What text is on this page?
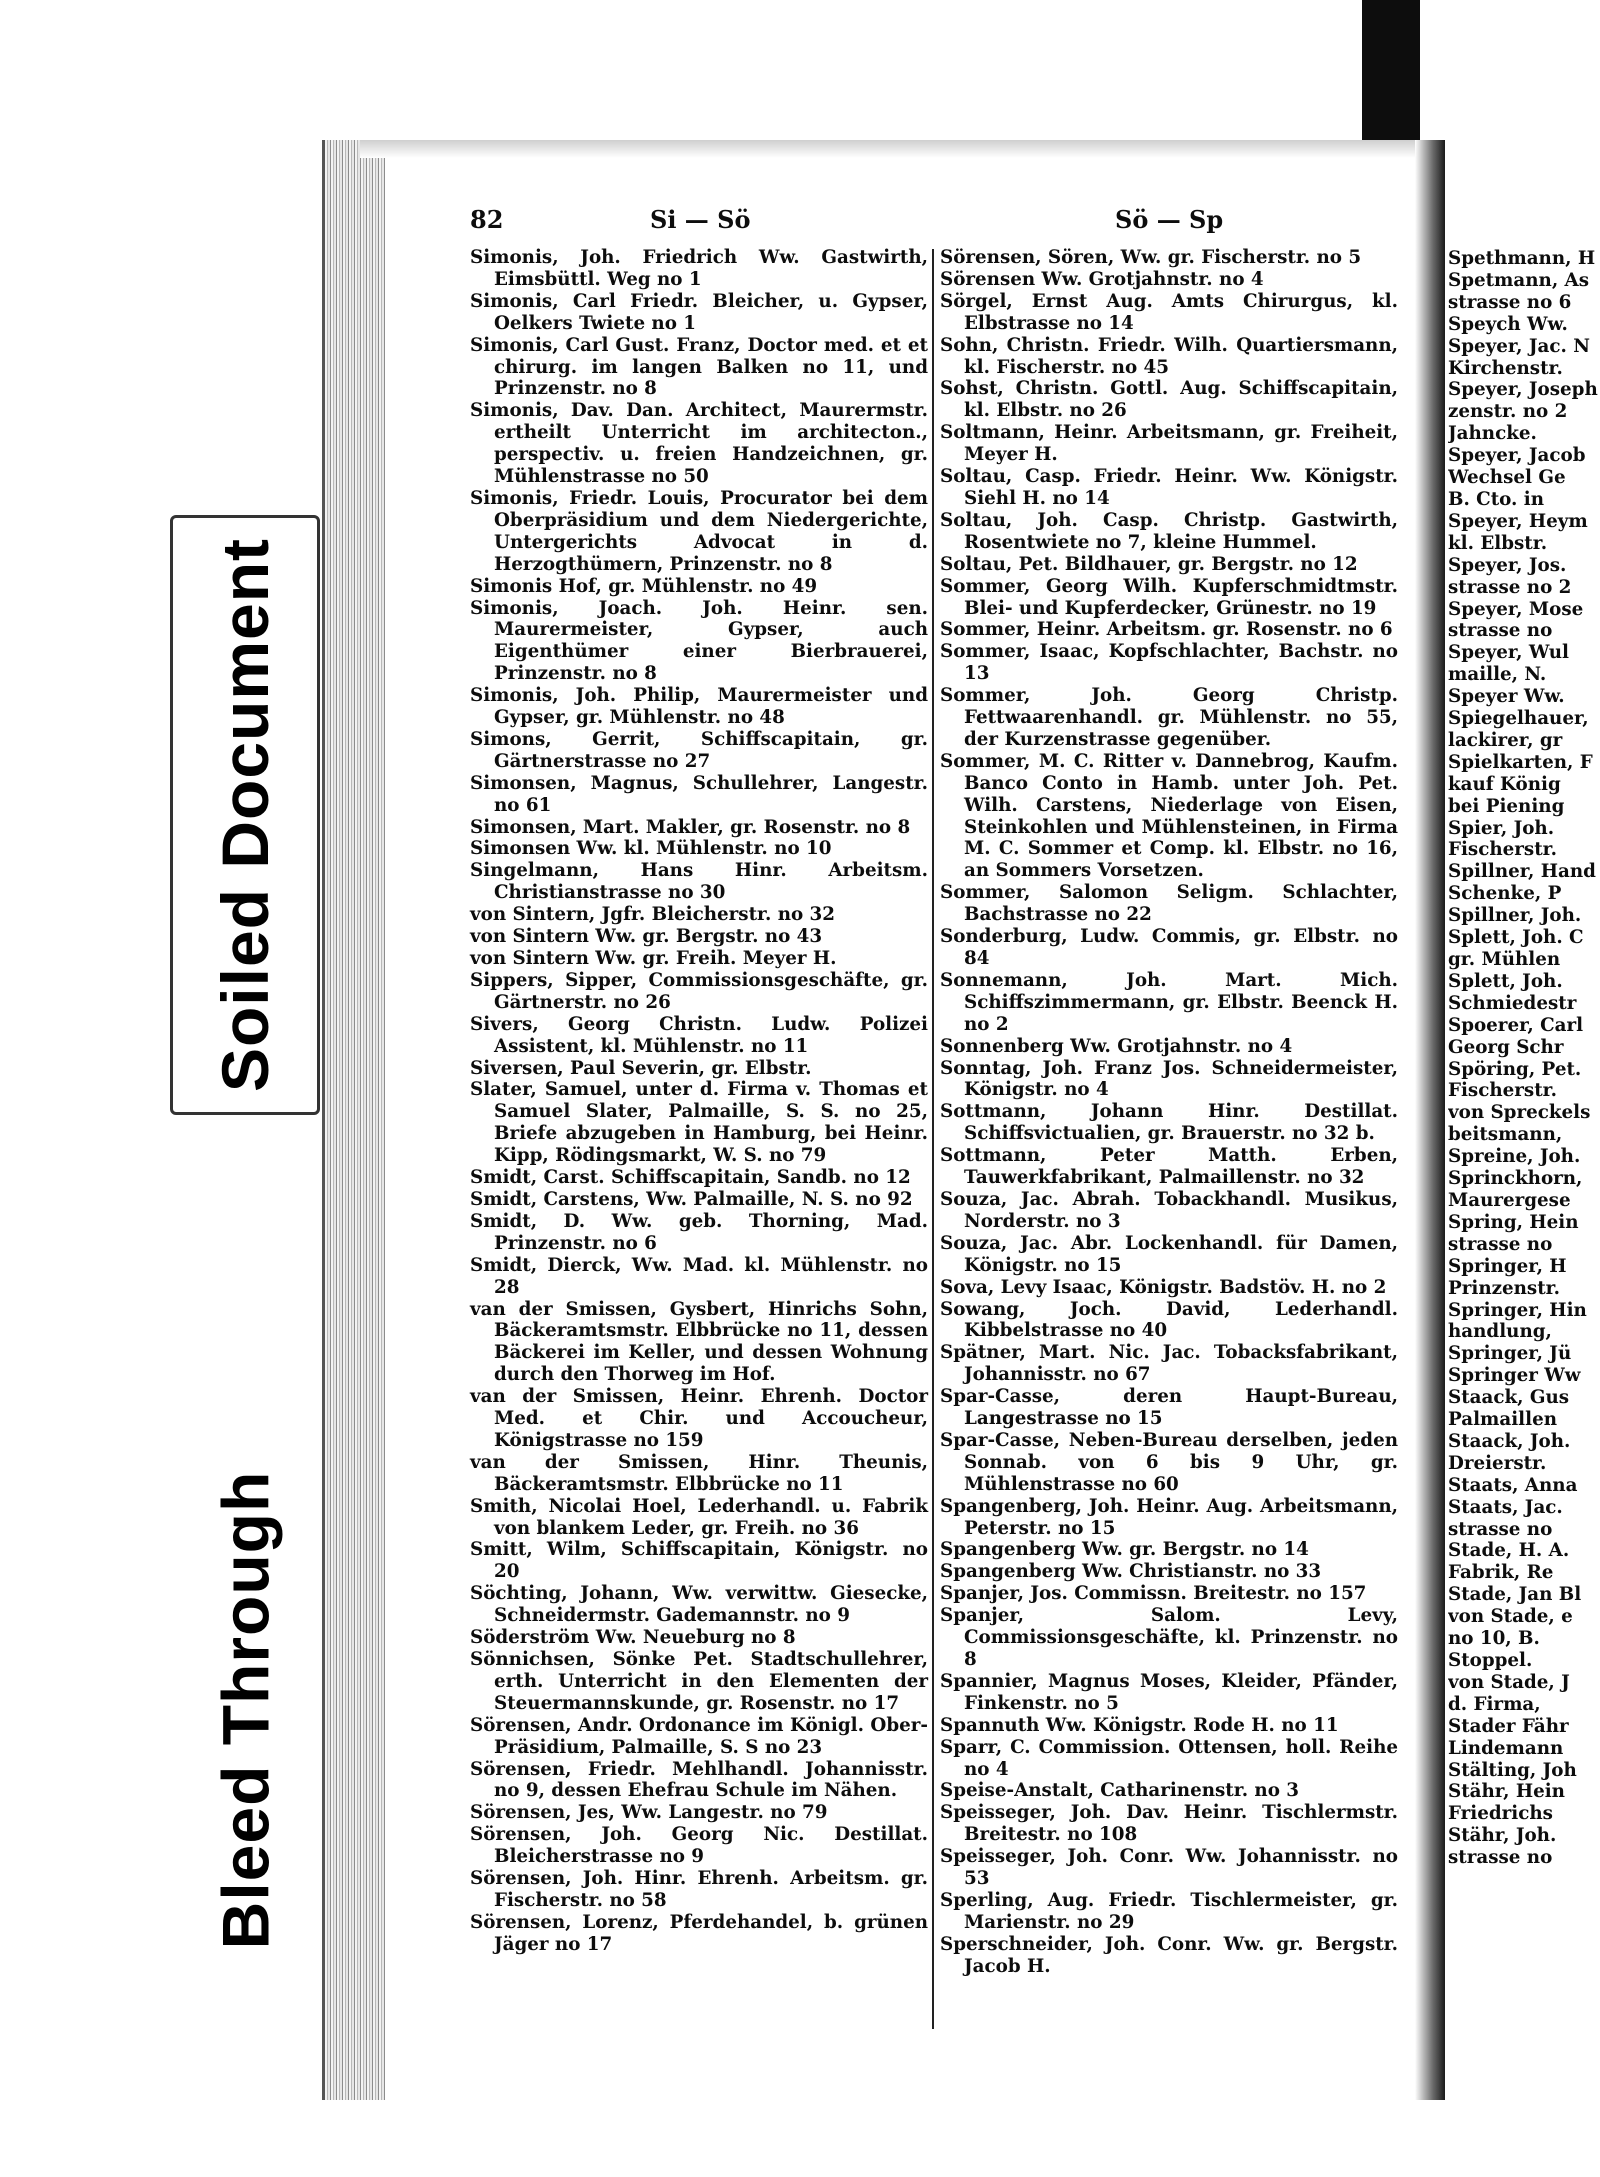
Soiled Document
Bleed Through
82	Si — Sö	Sö — Sp
Simonis, Joh. Friedrich Ww. Gastwirth, Eimsbüttl. Weg no 1
Simonis, Carl Friedr. Bleicher, u. Gypser, Oelkers Twiete no 1
Simonis, Carl Gust. Franz, Doctor med. et et chirurg. im langen Balken no 11, und Prinzenstr. no 8
Simonis, Dav. Dan. Architect, Maurermstr. ertheilt Unterricht im architecton., perspectiv. u. freien Handzeichnen, gr. Mühlenstrasse no 50
Simonis, Friedr. Louis, Procurator bei dem Oberpräsidium und dem Niedergerichte, Untergerichts Advocat in d. Herzogthümern, Prinzenstr. no 8
Simonis Hof, gr. Mühlenstr. no 49
Simonis, Joach. Joh. Heinr. sen. Maurermeister, Gypser, auch Eigenthümer einer Bierbrauerei, Prinzenstr. no 8
Simonis, Joh. Philip, Maurermeister und Gypser, gr. Mühlenstr. no 48
Simons, Gerrit, Schiffscapitain, gr. Gärtnerstrasse no 27
Simonsen, Magnus, Schullehrer, Langestr. no 61
Simonsen, Mart. Makler, gr. Rosenstr. no 8
Simonsen Ww. kl. Mühlenstr. no 10
Singelmann, Hans Hinr. Arbeitsm. Christianstrasse no 30
von Sintern, Jgfr. Bleicherstr. no 32
von Sintern Ww. gr. Bergstr. no 43
von Sintern Ww. gr. Freih. Meyer H.
Sippers, Sipper, Commissionsgeschäfte, gr. Gärtnerstr. no 26
Sivers, Georg Christn. Ludw. Polizei Assistent, kl. Mühlenstr. no 11
Siversen, Paul Severin, gr. Elbstr.
Slater, Samuel, unter d. Firma v. Thomas et Samuel Slater, Palmaille, S. S. no 25, Briefe abzugeben in Hamburg, bei Heinr. Kipp, Rödingsmarkt, W. S. no 79
Smidt, Carst. Schiffscapitain, Sandb. no 12
Smidt, Carstens, Ww. Palmaille, N. S. no 92
Smidt, D. Ww. geb. Thorning, Mad. Prinzenstr. no 6
Smidt, Dierck, Ww. Mad. kl. Mühlenstr. no 28
van der Smissen, Gysbert, Hinrichs Sohn, Bäckeramtsmstr. Elbbrücke no 11, dessen Bäckerei im Keller, und dessen Wohnung durch den Thorweg im Hof.
van der Smissen, Heinr. Ehrenh. Doctor Med. et Chir. und Accoucheur, Königstrasse no 159
van der Smissen, Hinr. Theunis, Bäckeramtsmstr. Elbbrücke no 11
Smith, Nicolai Hoel, Lederhandl. u. Fabrik von blankem Leder, gr. Freih. no 36
Smitt, Wilm, Schiffscapitain, Königstr. no 20
Söchting, Johann, Ww. verwittw. Giesecke, Schneidermstr. Gademannstr. no 9
Söderström Ww. Neueburg no 8
Sönnichsen, Sönke Pet. Stadtschullehrer, erth. Unterricht in den Elementen der Steuermannskunde, gr. Rosenstr. no 17
Sörensen, Andr. Ordonance im Königl. Ober-Präsidium, Palmaille, S. S no 23
Sörensen, Friedr. Mehlhandl. Johannisstr. no 9, dessen Ehefrau Schule im Nähen.
Sörensen, Jes, Ww. Langestr. no 79
Sörensen, Joh. Georg Nic. Destillat. Bleicherstrasse no 9
Sörensen, Joh. Hinr. Ehrenh. Arbeitsm. gr. Fischerstr. no 58
Sörensen, Lorenz, Pferdehandel, b. grünen Jäger no 17
Sörensen, Sören, Ww. gr. Fischerstr. no 5
Sörensen Ww. Grotjahnstr. no 4
Sörgel, Ernst Aug. Amts Chirurgus, kl. Elbstrasse no 14
Sohn, Christn. Friedr. Wilh. Quartiersmann, kl. Fischerstr. no 45
Sohst, Christn. Gottl. Aug. Schiffscapitain, kl. Elbstr. no 26
Soltmann, Heinr. Arbeitsmann, gr. Freiheit, Meyer H.
Soltau, Casp. Friedr. Heinr. Ww. Königstr. Siehl H. no 14
Soltau, Joh. Casp. Christp. Gastwirth, Rosentwiete no 7, kleine Hummel.
Soltau, Pet. Bildhauer, gr. Bergstr. no 12
Sommer, Georg Wilh. Kupferschmidtmstr. Blei- und Kupferdecker, Grünestr. no 19
Sommer, Heinr. Arbeitsm. gr. Rosenstr. no 6
Sommer, Isaac, Kopfschlachter, Bachstr. no 13
Sommer, Joh. Georg Christp. Fettwaarenhandl. gr. Mühlenstr. no 55, der Kurzenstrasse gegenüber.
Sommer, M. C. Ritter v. Dannebrog, Kaufm. Banco Conto in Hamb. unter Joh. Pet. Wilh. Carstens, Niederlage von Eisen, Steinkohlen und Mühlensteinen, in Firma M. C. Sommer et Comp. kl. Elbstr. no 16, an Sommers Vorsetzen.
Sommer, Salomon Seligm. Schlachter, Bachstrasse no 22
Sonderburg, Ludw. Commis, gr. Elbstr. no 84
Sonnemann, Joh. Mart. Mich. Schiffszimmermann, gr. Elbstr. Beenck H. no 2
Sonnenberg Ww. Grotjahnstr. no 4
Sonntag, Joh. Franz Jos. Schneidermeister, Königstr. no 4
Sottmann, Johann Hinr. Destillat. Schiffsvictualien, gr. Brauerstr. no 32 b.
Sottmann, Peter Matth. Erben, Tauwerkfabrikant, Palmaillenstr. no 32
Souza, Jac. Abrah. Tobackhandl. Musikus, Norderstr. no 3
Souza, Jac. Abr. Lockenhandl. für Damen, Königstr. no 15
Sova, Levy Isaac, Königstr. Badstöv. H. no 2
Sowang, Joch. David, Lederhandl. Kibbelstrasse no 40
Spätner, Mart. Nic. Jac. Tobacksfabrikant, Johannisstr. no 67
Spar-Casse, deren Haupt-Bureau, Langestrasse no 15
Spar-Casse, Neben-Bureau derselben, jeden Sonnab. von 6 bis 9 Uhr, gr. Mühlenstrasse no 60
Spangenberg, Joh. Heinr. Aug. Arbeitsmann, Peterstr. no 15
Spangenberg Ww. gr. Bergstr. no 14
Spangenberg Ww. Christianstr. no 33
Spanjer, Jos. Commissn. Breitestr. no 157
Spanjer, Salom. Levy, Commissionsgeschäfte, kl. Prinzenstr. no 8
Spannier, Magnus Moses, Kleider, Pfänder, Finkenstr. no 5
Spannuth Ww. Königstr. Rode H. no 11
Sparr, C. Commission. Ottensen, holl. Reihe no 4
Speise-Anstalt, Catharinenstr. no 3
Speisseger, Joh. Dav. Heinr. Tischlermstr. Breitestr. no 108
Speisseger, Joh. Conr. Ww. Johannisstr. no 53
Sperling, Aug. Friedr. Tischlermeister, gr. Marienstr. no 29
Sperschneider, Joh. Conr. Ww. gr. Bergstr. Jacob H.
Spethmann, H
Spetmann, As
strasse no 6
Speych Ww.
Speyer, Jac. N
Kirchenstr.
Speyer, Joseph
zenstr. no 2
Jahncke.
Speyer, Jacob
Wechsel Ge
B. Cto. in
Speyer, Heym
kl. Elbstr.
Speyer, Jos.
strasse no 2
Speyer, Mose
strasse no
Speyer, Wul
maille, N.
Speyer Ww.
Spiegelhauer,
lackirer, gr
Spielkarten, F
kauf König
bei Piening
Spier, Joh.
Fischerstr.
Spillner, Hand
Schenke, P
Spillner, Joh.
Splett, Joh. C
gr. Mühlen
Splett, Joh.
Schmiedestr
Spoerer, Carl
Georg Schr
Spöring, Pet.
Fischerstr.
von Spreckels
beitsmann,
Spreine, Joh.
Sprinckhorn,
Maurergese
Spring, Hein
strasse no
Springer, H
Prinzenstr.
Springer, Hin
handlung,
Springer, Jü
Springer Ww
Staack, Gus
Palmaillen
Staack, Joh.
Dreierstr.
Staats, Anna
Staats, Jac.
strasse no
Stade, H. A.
Fabrik, Re
Stade, Jan Bl
von Stade, e
no 10, B.
Stoppel.
von Stade, J
d. Firma,
Stader Fähr
Lindemann
Stälting, Joh
Stähr, Hein
Friedrichs
Stähr, Joh.
strasse no
